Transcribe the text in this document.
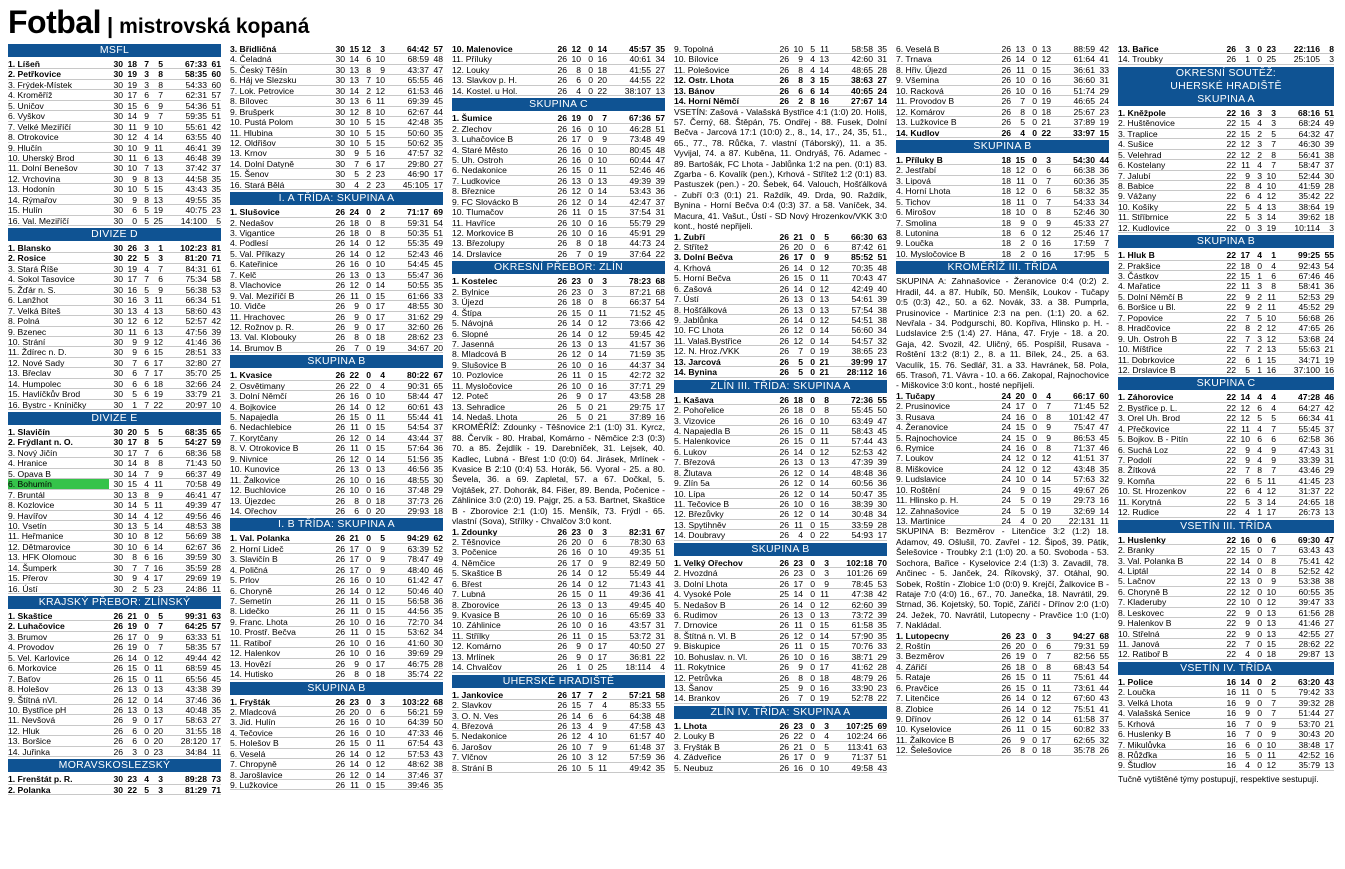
Fotbal | mistrovská kopaná
MSFL
1. Líšeň	30 18 7	5	67:33 61
2. Petřkovice	30 19 3	8	58:35 60
3. Frýdek-Místek	30 19 3	8	54:33 60
4. Kroměříž	30 17 6	7	62:31 57
5. Uničov	30 15 6	9	54:36 51
6. Vyškov	30 14 9	7	59:35 51
7. Velké Meziříčí	30 11 9 10	55:61 42
8. Otrokovice	30 12 4 14	63:55 40
9. Hlučín	30 10 9 11	46:41 39
10. Uherský Brod	30 11 6 13	46:48 39
11. Dolní Benešov	30 10 7 13	37:42 37
12. Vrchovina	30	9 8 13	44:58 35
13. Hodonín	30 10 5 15	43:43 35
14. Rýmařov	30	9 8 13	49:55 35
15. Hulín	30	6 5 19	40:75 23
16. Val. Meziříčí	30	0 5 25	14:100	5
DIVIZE D
1. Blansko	30 26 3	1	102:23 81
2. Rosice	30 22 5	3	81:20 71
3. Stará Říše	30 19 4	7	84:31 61
4. Sokol Tasovice	30 17 7	6	75:34 58
5. Žďár n. S.	30 16 5	9	56:38 53
6. Lanžhot	30 16 3 11	66:34 51
7. Velká Bíteš	30 13 4 13	58:60 43
8. Polná	30 12 6 12	52:57 42
9. Bzenec	30 11 6 13	47:56 39
10. Strání	30	9 9 12	41:46 36
11. Ždírec n. D.	30	9 6 15	28:51 33
12. Nové Sady	30	7 6 17	32:80 27
13. Břeclav	30	6 7 17	35:70 25
14. Humpolec	30	6 6 18	32:66 24
15. Havlíčkův Brod	30	5 6 19	33:79 21
16. Bystrc - Kníničky	30	1 7 22	20:97 10
DIVIZE E
1. Slavičín	30 20 5	5	68:35 65
2. Frýdlant n. O.	30 17 8	5	54:27 59
3. Nový Jičín	30 17 7	6	68:36 58
4. Hranice	30 14 8	8	71:43 50
5. Opava B	30 14 7	9	66:37 49
6. Bohumín	30 15 4 11	70:58 49
7. Bruntál	30 13 8	9	46:41 47
8. Kozlovice	30 14 5 11	49:39 47
9. Havířov	30 14 4 12	49:56 46
10. Vsetín	30 13 5 14	48:53 38
11. Heřmanice	30 10 8 12	56:69 38
12. Dětmarovice	30 10 6 14	62:67 36
13. HFK Olomouc	30	8 6 16	39:59 30
14. Šumperk	30	7 7 16	35:59 28
15. Přerov	30	9 4 17	29:69 19
16. Ústí	30	2 5 23	24:86 11
KRAJSKÝ PŘEBOR: ZLÍNSKÝ
1. Skaštice	26 21 0	5	99:31 63
2. Luhačovice	26 19 0	7	64:25 57
3. Brumov	26 17 0	9	63:33 51
4. Provodov	26 19 0	7	58:35 57
5. Vel. Karlovice	26 14 0 12	49:44 42
6. Morkovice	26 15 0 11	68:59 45
7. Baťov	26 15 0 11	65:56 45
8. Holešov	26 13 0 13	43:38 39
9. Štítná nVl.	26 12 0 14	37:46 36
10. Bystřice pH	26 13 0 13	40:48 35
11. Nevšová	26	9 0 17	58:63 27
12. Hluk	26	6 0 20	31:55 18
13. Boršice	26	6 0 20	28:120 17
14. Juřinka	26	3 0 23	34:84 11
MORAVSKOSLEZSKÝ
1. Frenštát p. R.	30 23 4	3	89:28 73
2. Polanka	30 22 5	3	81:29 71
3. Břidličná	30 15 12	3	64:42 57
4. Čeladná	30 14 6 10	68:59 48
5. Český Těšín	30 13 8	9	43:37 47
6. Háj ve Slezsku	30 13 7 10	65:55 46
7. Lok. Petrovice	30 14 2 12	61:53 46
8. Bílovec	30 13 6 11	69:39 45
9. Brušperk	30 12 8 10	62:67 44
10. Pustá Polom	30 10 5 15	42:48 35
11. Hlubina	30 10 5 15	50:60 35
12. Oldřišov	30 10 5 15	50:62 35
13. Krnov	30	9 5 16	47:57 32
14. Dolní Datyně	30	7 6 17	29:80 27
15. Šenov	30	5 2 23	46:90 17
16. Stará Bělá	30	4 2 23	45:105 17
I. A TŘÍDA: SKUPINA A
1. Slušovice	26 24 0	2	71:17 69
2. Nedašov	26 18 0	8	59:31 54
3. Vigantice	26 18 0	8	50:35 51
4. Podlesí	26 14 0 12	55:35 49
5. Val. Příkazy	26 14 0 12	52:43 46
6. Kateřinice	26 16 0 10	54:45 45
7. Kelč	26 13 0 13	55:47 36
8. Vlachovice	26 12 0 14	50:55 35
9. Val. Meziříčí B	26 11 0 15	61:66 33
10. Vidče	26	9 0 17	48:55 30
11. Hrachovec	26	9 0 17	31:62 29
12. Rožnov p. R.	26	9 0 17	32:60 26
13. Val. Klobouky	26	8 0 18	28:62 23
14. Brumov B	26	7 0 19	34:67 20
SKUPINA B
1. Kvasice	26 22 0	4	80:22 67
2. Osvětimany	26 22 0	4	90:31 65
3. Dolní Němčí	26 16 0 10	58:44 47
4. Bojkovice	26 14 0 12	60:61 43
5. Napajedla	26 15 0 11	55:44 41
6. Nedachlebice	26 11 0 15	54:54 37
7. Korytčany	26 12 0 14	43:44 37
8. V. Otrokovice B	26 11 0 15	57:64 36
9. Nivnice	26 12 0 14	51:56 35
10. Kunovice	26 13 0 13	46:56 35
11. Žalkovice	26 10 0 16	48:55 30
12. Buchlovice	26 10 0 16	37:48 29
13. Újezdec	26	8 0 18	37:73 26
14. Ořechov	26	6 0 20	29:93 18
I. B TŘÍDA: SKUPINA A
1. Val. Polanka	26 21 0	5	94:29 62
2. Horní Lideč	26 17 0	9	63:39 52
3. Slavičín B	26 17 0	9	78:47 49
4. Poličná	26 17 0	9	48:40 46
5. Prlov	26 16 0 10	61:42 47
6. Choryně	26 14 0 12	50:46 40
7. Semetín	26 11 0 15	56:58 36
8. Lidečko	26 11 0 15	44:56 35
9. Franc. Lhota	26 10 0 16	72:70 34
10. Prostř. Bečva	26 11 0 15	53:62 34
11. Ratiboř	26 10 0 16	41:60 30
12. Halenkov	26 10 0 16	39:69 29
13. Hovězí	26	9 0 17	46:75 28
14. Hutisko	26	8 0 18	35:74 22
SKUPINA B
1. Fryšták	26 23 0	3	103:22 68
2. Mladcová	26 20 0	6	56:21 59
3. Jid. Hulín	26 16 0 10	64:39 50
4. Tečovice	26 16 0 10	47:33 46
5. Holešov B	26 15 0 11	67:54 43
6. Veselá	26 14 0 12	57:53 43
7. Chropyně	26 14 0 12	48:62 38
8. Jarošlavice	26 12 0 14	37:46 37
9. Lužkovice	26 11 0 15	39:46 35
10. Malenovice	26 12 0 14	45:57 35
11. Příluky	26 10 0 16	40:61 34
12. Louky	26	8 0 18	41:55 27
13. Slavkov p. H.	26	6 0 20	44:55 22
14. Kostel. u Hol.	26	4 0 22	38:107 13
SKUPINA C
1. Šumice	26 19 0	7	67:36 57
2. Zlechov	26 16 0 10	46:28 51
3. Luhačovice B	26 17 0	9	73:48 49
4. Staré Město	26 16 0 10	80:45 48
5. Uh. Ostroh	26 16 0 10	60:44 47
6. Nedakonice	26 15 0 11	52:46 46
7. Ludkovice	26 13 0 13	49:39 39
8. Březnice	26 12 0 14	53:43 36
9. FC Slovácko B	26 12 0 14	42:47 37
10. Tlumačov	26 11 0 15	37:54 31
11. Havříce	26 10 0 16	55:79 29
12. Morkovice B	26 10 0 16	45:91 29
13. Březolupy	26	8 0 18	44:73 24
14. Drslavice	26	7 0 19	37:64 22
OKRESNÍ PŘEBOR: ZLÍN
1. Kostelec	26 23 0	3	78:23 68
2. Bylnice	26 23 0	3	87:21 68
3. Újezd	26 18 0	8	66:37 54
4. Štípa	26 15 0 11	71:52 45
5. Návojná	26 14 0 12	73:66 42
6. Slopné	26 14 0 12	59:45 42
7. Jasenná	26 13 0 13	41:57 36
8. Mladcová B	26 12 0 14	71:59 35
9. Slušovice B	26 10 0 16	44:37 34
10. Pozlovice	26 11 0 15	42:72 32
11. Mysločovice	26 10 0 16	37:71 29
12. Poteč	26	9 0 17	43:58 28
13. Sehradice	26	5 0 21	29:75 17
14. Nedaš. Lhota	26	5 0 21	37:89 16
KROMĚŘÍŽ: Zdounky - Těšnovice 2:1 (1:0) 31. Kyrcz, 88. Červík - 80. Hrabal, Komárno - Němčice 2:3 (0:3) 70. a 85. Žejdlík - 19. Darebníček, 31. Lejsek, 40. Kadlec, Lubná - Břest 1:0 (0:0) 64. Jirásek, Mrlínek - Kvasice B 2:10 (0:4) 53. Horák, 56. Vyoral - 25. a 80. Ševela, 36. a 69. Zapletal, 57. a 67. Dočkal, 5. Vojtášek, 27. Dohorák, 84. Fišer, 89. Benda, Počenice - Záhlinice 3:0 (2:0) 19. Pajgr, 25. a 53. Bartnet, Skaštice B - Zborovice 2:1 (1:0) 15. Menšík, 73. Frýdl - 65. vlastní (Sova), Střílky - Chvalčov 3:0 kont.
1. Zdounky	26 23 0	3	82:31 67
2. Těšnovice	26 20 0	6	78:30 63
3. Počenice	26 16 0 10	49:35 51
4. Němčice	26 17 0	9	82:49 50
5. Skaštice B	26 14 0 12	55:49 44
6. Břest	26 14 0 12	71:43 41
7. Lubná	26 15 0 11	49:36 41
8. Zborovice	26 13 0 13	49:45 40
9. Kvasice B	26 10 0 16	65:69 33
10. Záhlinice	26 10 0 16	43:57 31
11. Střílky	26 11 0 15	53:72 31
12. Komárno	26	9 0 17	40:50 27
13. Mrlínek	26	9 0 17	36:81 22
14. Chvalčov	26	1 0 25	18:114	4
UHERSKÉ HRADIŠTĚ
1. Jankovice	26 17 7	2	57:21 58
2. Slavkov	26 15 7	4	85:33 55
3. O. N. Ves	26 14 6	6	64:38 48
4. Březová	26 13 4	9	47:58 43
5. Nedakonice	26 12 4 10	61:57 40
6. Jarošov	26 10 7	9	61:48 37
7. Vlčnov	26 10 3 12	57:59 36
8. Strání B	26 10 5 11	49:42 35
9. Topolná	26 10 5 11	58:58 35
10. Bílovice	26	9 4 13	42:60 31
11. Polešovice	26	8 4 14	48:65 28
12. Ostr. Lhota	26	8 3 15	38:63 27
13. Bánov	26	6 6 14	40:65 24
14. Horní Němčí	26	2 8 16	27:67 14
VSETÍN: Zašová - Valašská Bystřice 4:1 (1:0) 20. Holiš, 57. Černý, 68. Štěpán, 75. Ondřej - 88. Fusek, Dolní Bečva - Jarcová 17:1 (10:0) 2., 8., 14, 17., 24, 35, 51., 65., 77., 78. Růčka, 7. vlastní (Táborský), 11. a 35. Vyvijal, 74. a 87. Kuběna, 11. Ondryáš, 76. Adamec - 89. Bartošák, FC Lhota - Jablůnka 1:2 na pen. (0:1) 83. Zgarba - 6. Kovalík (pen.), Krhová - Střítež 1:2 (0:1) 83. Pastuszek (pen.) - 20. Šebek, 64. Valouch, Hošťálková - Zubří 0:3 (0:1) 21. Raždík, 49. Drda, 90. Raždík, Bynina - Horní Bečva 0:4 (0:3) 37. a 58. Vaníček, 34. Macura, 41. Vašut., Ústí - SD Nový Hrozenkov/VKK 3:0 kont., hosté nepřijeli.
1. Zubří	26 21 0	5	66:30 63
2. Střítež	26 20 0	6	87:42 61
3. Dolní Bečva	26 17 0	9	85:52 51
4. Krhová	26 14 0 12	70:35 48
5. Horní Bečva	26 15 0 11	70:43 47
6. Zašová	26 14 0 12	42:49 40
7. Ústí	26 13 0 13	54:61 39
8. Hošťálková	26 13 0 13	57:54 38
9. Jablůnka	26 14 0 12	54:51 38
10. FC Lhota	26 12 0 14	56:60 34
11. Valaš.Bystřice	26 12 0 14	54:57 32
12. N. Hroz./VKK	26	7 0 19	38:65 23
13. Jarcová	26	5 0 21	39:99 17
14. Bynina	26	5 0 21	28:112 16
ZLÍN III. TŘÍDA: SKUPINA A
1. Kašava	26 18 0	8	72:36 55
2. Pohořelice	26 18 0	8	55:45 50
3. Vizovice	26 16 0 10	63:49 47
4. Napajedla B	26 15 0 11	58:43 45
5. Halenkovice	26 15 0 11	57:44 43
6. Lukov	26 14 0 12	52:53 42
7. Březová	26 13 0 13	47:39 39
8. Žlutava	26 12 0 14	48:48 36
9. Zlín 5a	26 12 0 14	60:56 36
10. Lípa	26 12 0 14	50:47 35
11. Tečovice B	26 10 0 16	38:39 30
12. Březůvky	26 12 0 14	30:48 34
13. Spytihněv	26 11 0 15	33:59 28
14. Doubravy	26	4 0 22	54:93 17
SKUPINA B
1. Velký Ořechov	26 23 0	3	102:18 70
2. Hvozdná	26 23 0	3	101:26 69
3. Dolní Lhota	26 17 0	9	78:45 53
4. Vysoké Pole	25 14 0 11	47:38 42
5. Nedašov B	26 14 0 12	62:60 39
6. Rudimov	26 13 0 13	73:72 39
7. Drnovice	26 11 0 15	61:58 35
8. Štítná n. Vl. B	26 12 0 14	57:90 35
9. Biskupice	26 11 0 15	70:76 33
10. Bohuslav. n. Vl.	26 10 0 16	38:71 29
11. Rokytnice	26	9 0 17	41:62 28
12. Petrůvka	26	8 0 18	48:79 26
13. Šanov	25	9 0 16	33:90 23
14. Brankov	26	7 0 19	52:78 22
ZLÍN IV. TŘÍDA: SKUPINA A
1. Lhota	26 23 0	3	107:25 69
2. Louky B	26 22 0	4	102:24 66
3. Fryšták B	26 21 0	5	113:41 63
4. Zádveřice	26 17 0	9	71:37 51
5. Neubuz	26 16 0 10	49:58 43
6. Veselá B	26 13 0 13	88:59 42
7. Trnava	26 14 0 12	61:64 41
8. Hřiv. Újezd	26 11 0 15	36:61 33
9. Všemina	26 10 0 16	36:60 31
10. Racková	26 10 0 16	51:74 29
11. Provodov B	26	7 0 19	46:65 24
12. Komárov	26	8 0 18	25:67 23
13. Lužkovice B	26	5 0 21	37:89 19
14. Kudlov	26	4 0 22	33:97 15
SKUPINA B
1. Příluky B	18 15 0	3	54:30 44
2. Jestřabí	18 12 0	6	66:38 36
3. Lipová	18 11 0	7	60:36 35
4. Horní Lhota	18 12 0	6	58:32 35
5. Tichov	18 11 0	7	54:33 34
6. Mirošov	18 10 0	8	52:46 30
7. Smolina	18	9 0	9	45:33 27
8. Lutonina	18	6 0 12	25:46 17
9. Loučka	18	2 0 16	17:59	7
10. Mysločovice B	18	2 0 16	17:95	5
KROMĚŘÍŽ III. TŘÍDA
SKUPINA A: Zahnašovice - Žeranovice 0:4 (0:2) 2. Hradil, 44. a 87. Hubík, 50. Menšík, Loukov - Tučapy 0:5 (0:3) 42., 50. a 62. Novák, 33. a 38. Pumprla, Prusinovice - Martinice 2:3 na pen. (1:1) 20. a 62. Nevřala - 34. Podgurschi, 80. Kopřiva, Hlinsko p. H. - Ludslavice 2:5 (1:4) 27. Hána, 47. Fryje - 18. a 20. Gaja, 42. Svozil, 42. Uličný, 65. Pospíšil, Rusava - Roštění 13:2 (8:1) 2., 8. a 11. Bílek, 24., 25. a 63. Vaculík, 15. 76. Sedlář, 31. a 33. Havránek, 58. Pola, 65. Trasoň, 71. Vávra - 10. a 66. Zakopal, Rajnochovice - Miškovice 3:0 kont., hosté nepřijeli.
1. Tučapy	24 20 0	4	66:17 60
2. Prusinovice	24 17 0	7	71:45 52
3. Rusava	24 16 0	8	101:42 47
4. Žeranovice	24 15 0	9	75:47 47
5. Rajnochovice	24 15 0	9	86:53 45
6. Rymice	24 16 0	8	71:37 46
7. Loukov	24 12 0 12	41:51 37
8. Miškovice	24 12 0 12	43:48 35
9. Ludslavice	24 10 0 14	57:63 32
10. Roštění	24	9 0 15	49:67 26
11. Hlinsko p. H.	24	5 0 19	29:73 16
12. Zahnašovice	24	5 0 19	32:69 14
13. Martinice	24	4 0 20	22:131 11
SKUPINA B: Bezměrov - Litenčice 3:2 (1:2) 18. Adamov, 49. Ošlušil, 70. Zavřel - 12. Šipoš, 39. Pátik, Šelešovice - Troubky 2:1 (1:0) 20. a 50. Svoboda - 53. Sochora, Bařice - Kyselovice 2:4 (1:3) 3. Zavadil, 78. Ančinec - 5. Janček, 24. Říkovský, 37. Otáhal, 90. Sobek, Roštín - Zlobice 1:0 (0:0) 9. Krejčí, Žalkovice B - Rataje 7:0 (4:0) 16., 67., 70. Janečka, 18. Navrátil, 29. Strnad, 36. Kojetský, 50. Topič, Zářičí - Dřínov 2:0 (1:0) 24. Ježek, 70. Navrátil, Lutopecny - Pravčice 1:0 (1:0) 7. Nakládal.
1. Lutopecny	26 23 0	3	94:27 68
2. Roštín	26 20 0	6	79:31 59
3. Bezměrov	26 19 0	7	82:56 55
4. Zářičí	26 18 0	8	68:43 54
5. Rataje	26 15 0 11	75:61 44
6. Pravčice	26 15 0 11	73:61 44
7. Litenčice	26 14 0 12	67:60 43
8. Zlobice	26 14 0 12	75:51 41
9. Dřínov	26 12 0 14	61:58 37
10. Kyselovice	26 11 0 15	60:82 33
11. Žalkovice B	26	9 0 17	62:65 32
12. Šelešovice	26	8 0 18	35:78 26
13. Bařice	26	3 0 23	22:116	8
14. Troubky	26	1 0 25	25:105	3
OKRESNÍ SOUTĚŽ:
UHERSKÉ HRADIŠTĚ
SKUPINA A
1. Kněžpole	22 16 3	3	68:16 51
2. Huštěnovice	22 15 4	3	68:24 49
3. Traplice	22 15 2	5	64:32 47
4. Sušice	22 12 3	7	46:30 39
5. Velehrad	22 12 2	8	56:41 38
6. Kostelany	22 11 4	7	58:47 37
7. Jalubí	22	9 3 10	52:44 30
8. Babice	22	8 4 10	41:59 28
9. Vážany	22	6 4 12	35:42 22
10. Košíky	22	5 4 13	38:64 19
11. Stříbrnice	22	5 3 14	39:62 18
12. Kudlovice	22	0 3 19	10:114	3
SKUPINA B
1. Hluk B	22 17 4	1	99:25 55
2. Prakšice	22 18 0	4	92:43 54
3. Částkov	22 15 1	6	67:46 46
4. Mařatice	22 11 3	8	58:41 36
5. Dolní Němčí B	22	9 2 11	52:53 29
6. Boršice u Bl.	22	9 2 11	45:52 29
7. Popovice	22	7 5 10	56:68 26
8. Hradčovice	22	8 2 12	47:65 26
9. Uh. Ostroh B	22	7 3 12	53:68 24
10. Míštřice	22	7 2 13	55:63 21
11. Dobrkovice	22	6 1 15	34:71 19
12. Drslavice B	22	5 1 16	37:100 16
SKUPINA C
1. Záhorovice	22 14 4	4	47:28 46
2. Bystřice p. L.	22 12 6	4	64:27 42
3. Orel Uh. Brod	22 12 5	5	66:34 41
4. Přečkovice	22 11 4	7	55:45 37
5. Bojkov. B - Pitín	22 10 6	6	62:58 36
6. Suchá Loz	22	9 4	9	47:43 31
7. Podolí	22	9 4	9	33:39 31
8. Žítková	22	7 8	7	43:46 29
9. Komňa	22	6 5 11	41:45 23
10. St. Hrozenkov	22	6 4 12	31:37 22
11. Korytná	22	5 3 14	24:65 18
12. Rudice	22	4 1 17	26:73 13
VSETÍN III. TŘÍDA
1. Huslenky	22 16 0	6	69:30 47
2. Branky	22 15 0	7	63:43 43
3. Val. Polanka B	22 14 0	8	75:41 42
4. Liptál	22 14 0	8	52:52 42
5. Lačnov	22 13 0	9	53:38 38
6. Choryně B	22 12 0 10	60:55 35
7. Kladeruby	22 10 0 12	39:47 33
8. Leskovec	22	9 0 13	61:56 28
9. Halenkov B	22	9 0 13	41:46 27
10. Střelná	22	9 0 13	42:55 27
11. Janová	22	7 0 15	28:62 22
12. Ratiboř B	22	4 0 18	29:87 13
VSETÍN IV. TŘÍDA
1. Police	16 14 0	2	63:20 43
2. Loučka	16 11 0	5	79:42 33
3. Velká Lhota	16	9 0	7	39:32 28
4. Valašská Senice	16	9 0	7	51:44 27
5. Krhová	16	7 0	9	53:70 21
6. Huslenky B	16	7 0	9	30:43 20
7. Mikulůvka	16	6 0 10	38:48 17
8. Růžďka	16	5 0 11	42:52 16
9. Študlov	16	4 0 12	35:79 13
Tučně vytištěné týmy postupují, respektive sestupují.
